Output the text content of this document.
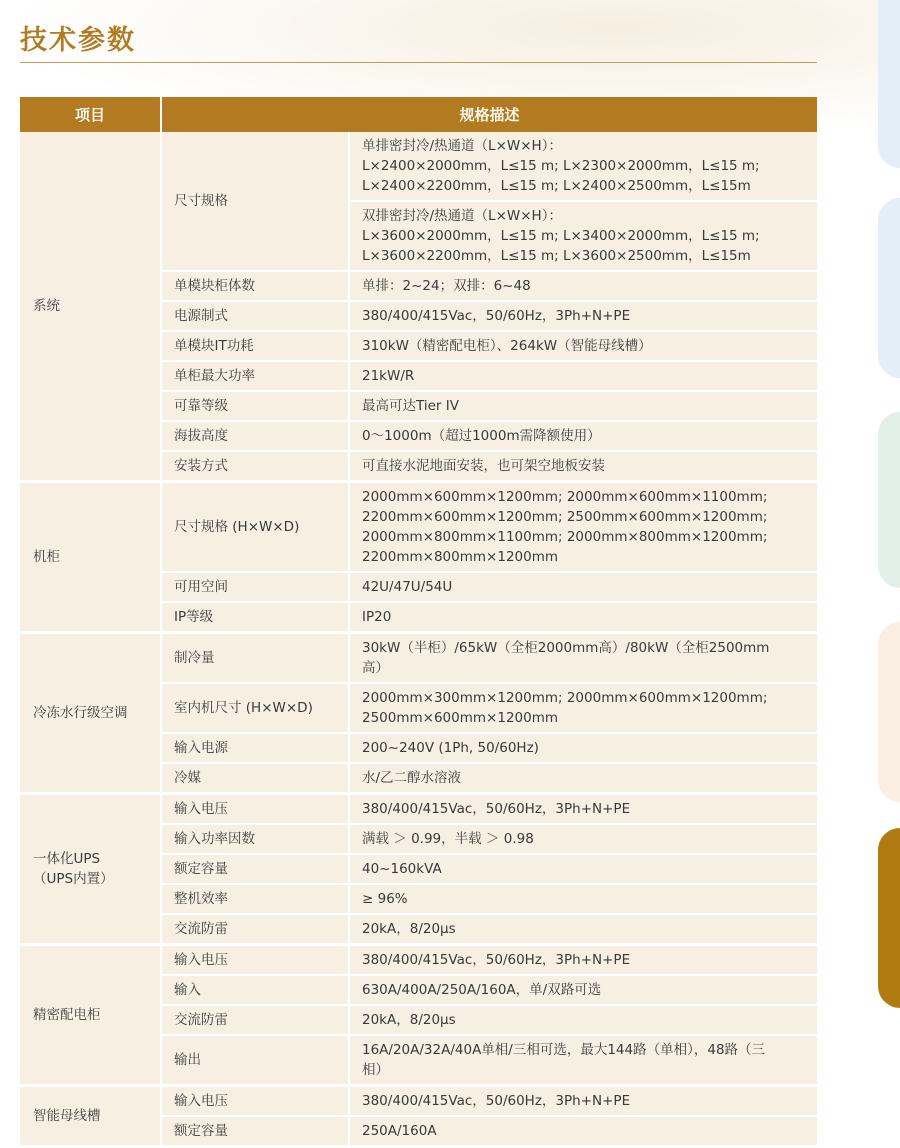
技术参数
项目	规格描述	
系统	尺寸规格	单排密封冷/热通道（L×W×H）：
L×2400×2000mm，L≤15 m; L×2300×2000mm，L≤15 m;
L×2400×2200mm，L≤15 m; L×2400×2500mm，L≤15m

		双排密封冷/热通道（L×W×H）：
L×3600×2000mm，L≤15 m; L×3400×2000mm，L≤15 m;
L×3600×2200mm，L≤15 m; L×3600×2500mm，L≤15m

	单模块柜体数	单排：2~24；双排：6~48
	电源制式	380/400/415Vac，50/60Hz，3Ph+N+PE
	单模块IT功耗	310kW（精密配电柜）、264kW（智能母线槽）
	单柜最大功率	21kW/R
	可靠等级	最高可达Tier IV
	海拔高度	0～1000m（超过1000m需降额使用）
	安装方式	可直接水泥地面安装，也可架空地板安装
机柜	尺寸规格 (H×W×D)	2000mm×600mm×1200mm; 2000mm×600mm×1100mm;
2200mm×600mm×1200mm; 2500mm×600mm×1200mm;
2000mm×800mm×1100mm; 2000mm×800mm×1200mm;
2200mm×800mm×1200mm

	可用空间	42U/47U/54U
	IP等级	IP20
冷冻水行级空调	制冷量	30kW（半柜）/65kW（全柜2000mm高）/80kW（全柜2500mm
高）

	室内机尺寸 (H×W×D)	2000mm×300mm×1200mm; 2000mm×600mm×1200mm;
2500mm×600mm×1200mm

	输入电源	200~240V (1Ph, 50/60Hz)
	冷媒	水/乙二醇水溶液

一体化UPS
（UPS内置）	输入电压	380/400/415Vac，50/60Hz，3Ph+N+PE
	输入功率因数	满载 ＞ 0.99，半载 ＞ 0.98
	额定容量	40~160kVA
	整机效率	≥ 96%
	交流防雷	20kA，8/20μs
精密配电柜	输入电压	380/400/415Vac，50/60Hz，3Ph+N+PE
	输入	630A/400A/250A/160A，单/双路可选
	交流防雷	20kA，8/20μs
	输出	16A/20A/32A/40A单相/三相可选，最大144路（单相），48路（三
相）

智能母线槽	输入电压	380/400/415Vac，50/60Hz，3Ph+N+PE
	额定容量	250A/160A
